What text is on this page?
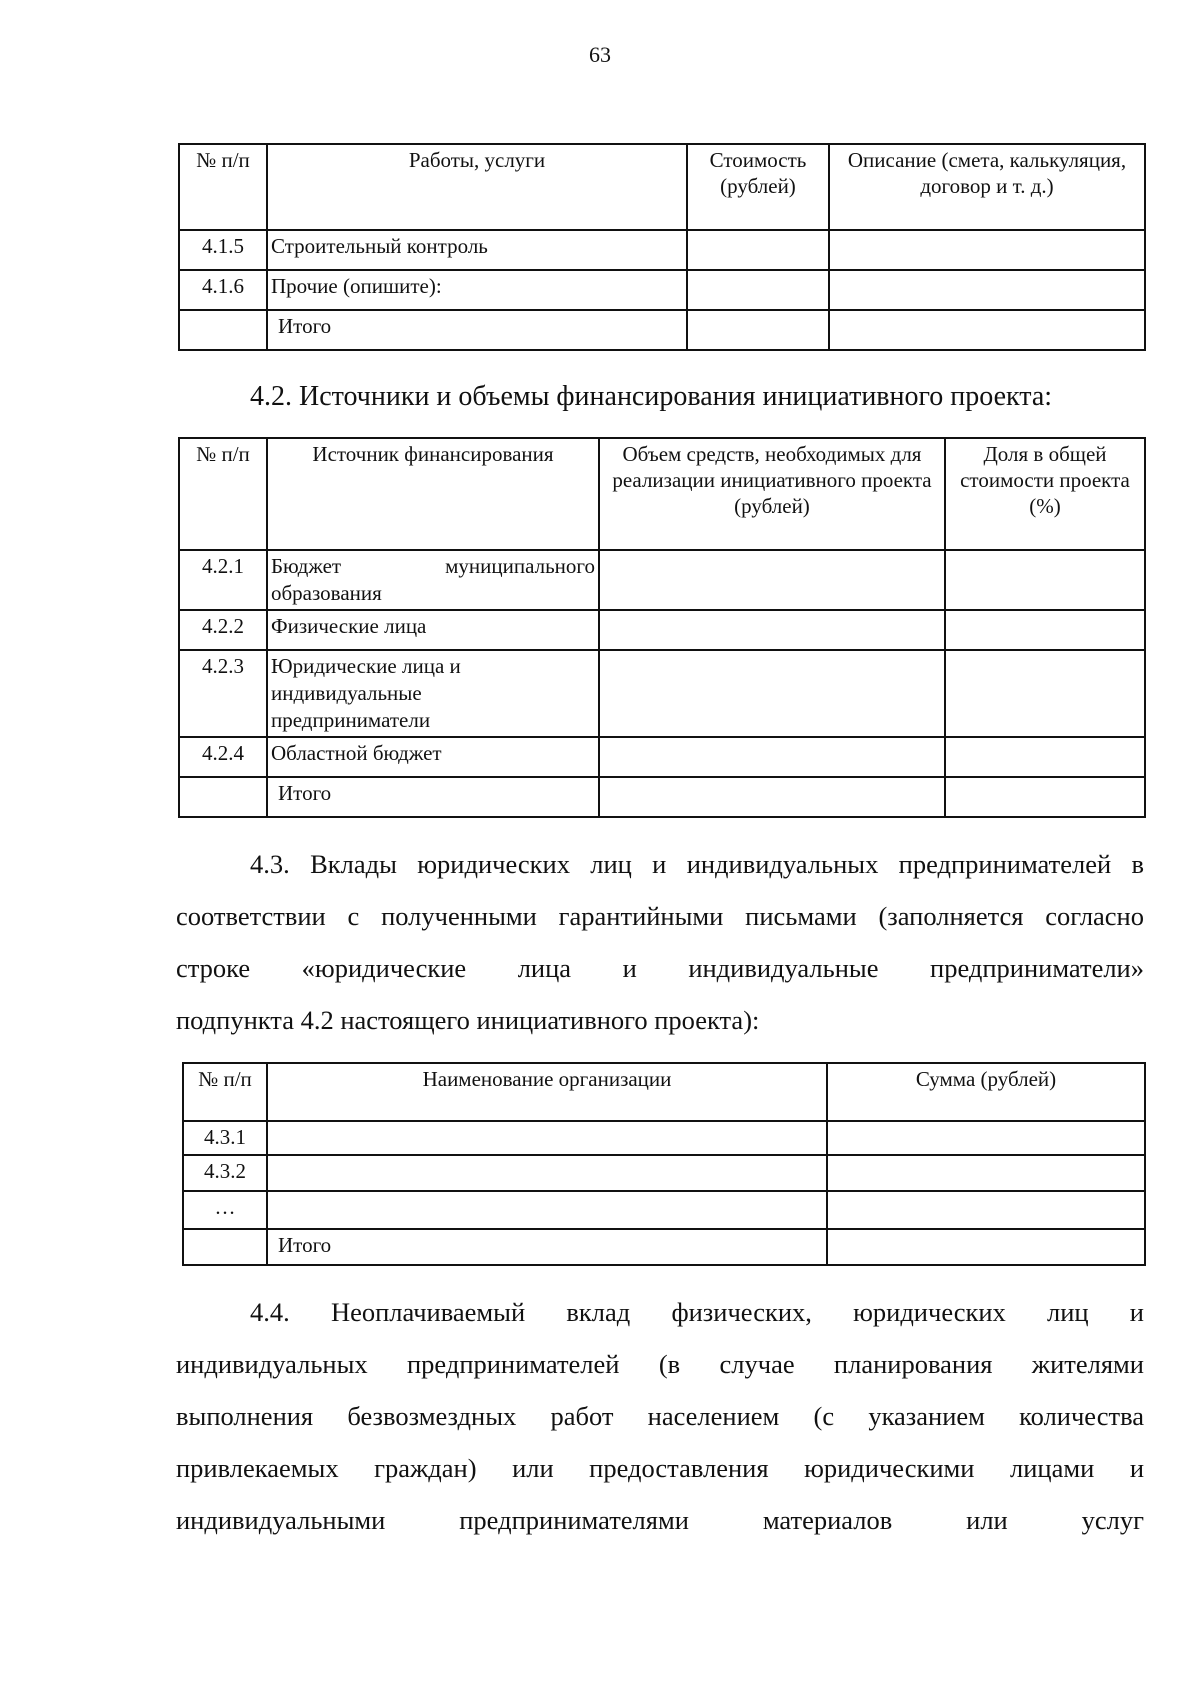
63
№ п/п	Работы, услуги	Стоимость (рублей)	Описание (смета, калькуляция, договор и т. д.)
4.1.5	Строительный контроль		
4.1.6	Прочие (опишите):		
	Итого		
4.2. Источники и объемы финансирования инициативного проекта:
№ п/п	Источник финансирования	Объем средств, необходимых для реализации инициативного проекта (рублей)	Доля в общей стоимости проекта (%)
4.2.1	Бюджет муниципального образования		

4.2.2	Физические лица		
4.2.3	Юридические лица и индивидуальные предприниматели		

4.2.4	Областной бюджет		
	Итого		
4.3. Вклады юридических лиц и индивидуальных предпринимателей в
соответствии с полученными гарантийными письмами (заполняется согласно
строке «юридические лица и индивидуальные предприниматели»
подпункта 4.2 настоящего инициативного проекта):
№ п/п	Наименование организации	Сумма (рублей)
4.3.1		
4.3.2		
…		
	Итого	
4.4. Неоплачиваемый вклад физических, юридических лиц и
индивидуальных предпринимателей (в случае планирования жителями
выполнения безвозмездных работ населением (с указанием количества
привлекаемых граждан) или предоставления юридическими лицами и
индивидуальными предпринимателями материалов или услуг
